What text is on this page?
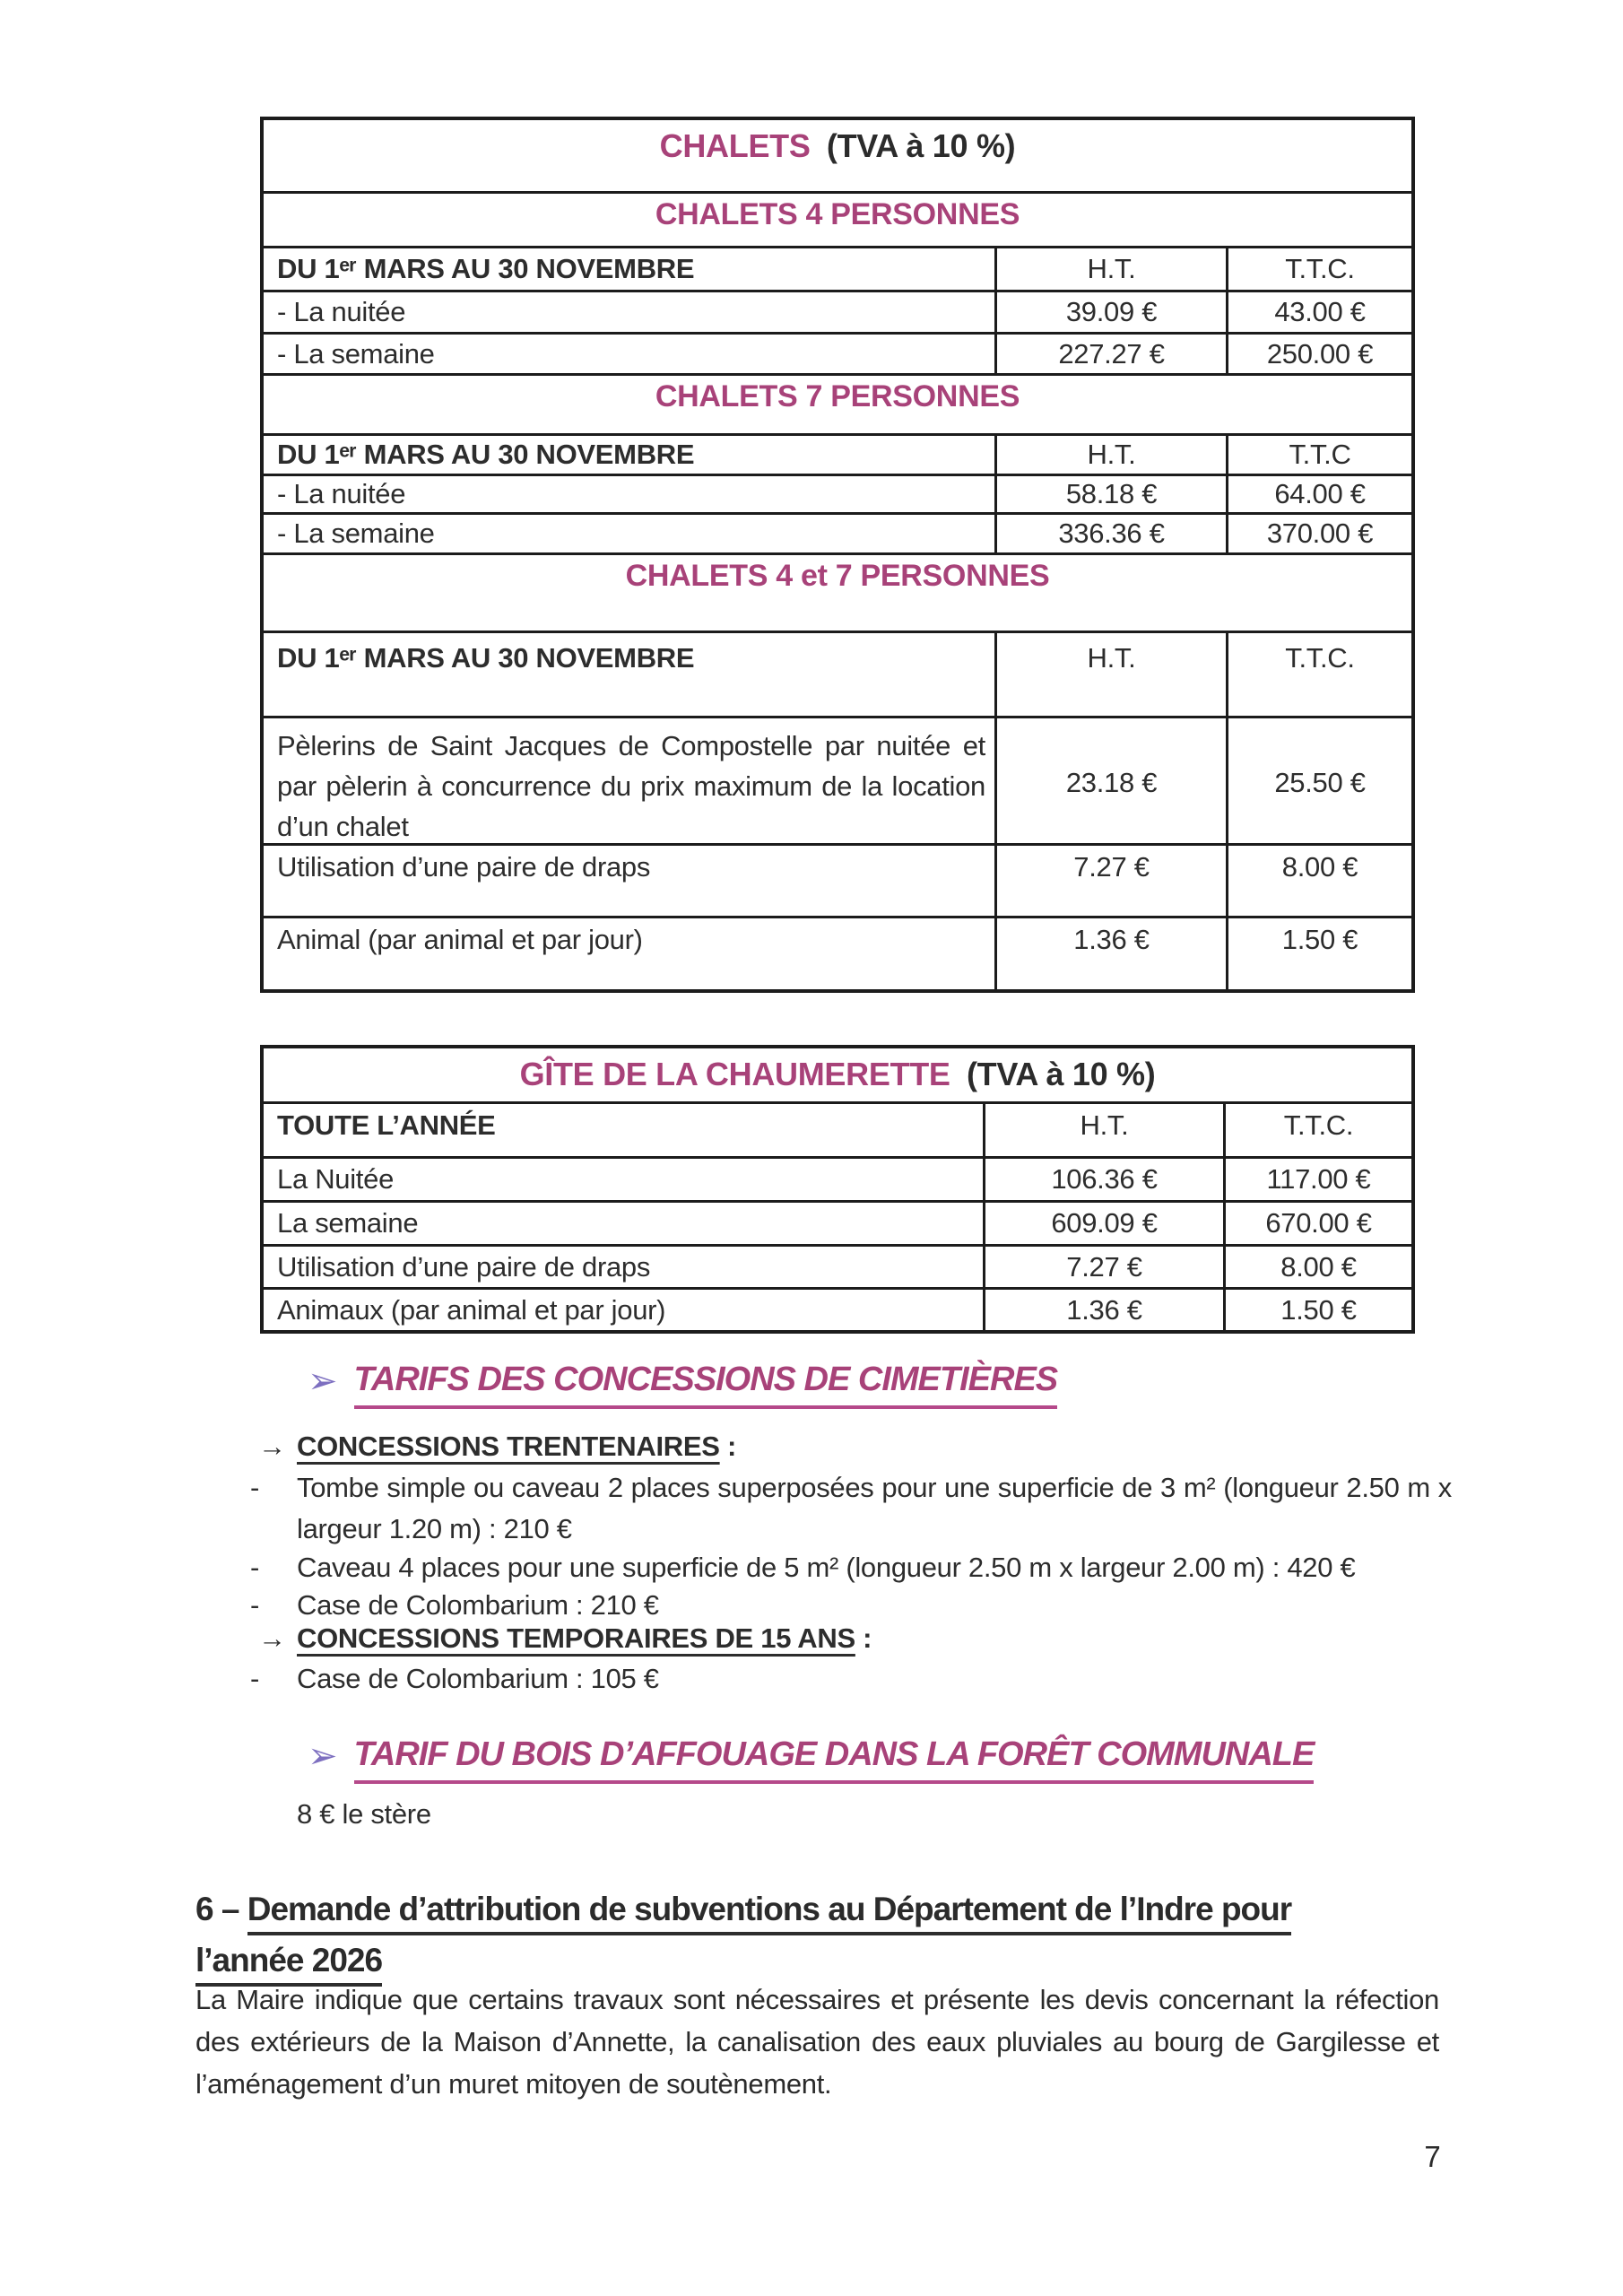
CHALETS (TVA à 10 %)
CHALETS 4 PERSONNES
DU 1ᵉʳ MARS AU 30 NOVEMBRE	H.T.	T.T.C.
- La nuitée	39.09 €	43.00 €
- La semaine	227.27 €	250.00 €
CHALETS 7 PERSONNES
DU 1ᵉʳ MARS AU 30 NOVEMBRE	H.T.	T.T.C
- La nuitée	58.18 €	64.00 €
- La semaine	336.36 €	370.00 €
CHALETS 4 et 7 PERSONNES
DU 1ᵉʳ MARS AU 30 NOVEMBRE	H.T.	T.T.C.
Pèlerins de Saint Jacques de Compostelle par nuitée et
par pèlerin à concurrence du prix maximum de la location
d’un chalet
23.18 €	25.50 €
Utilisation d’une paire de draps	7.27 €	8.00 €
Animal (par animal et par jour)	1.36 €	1.50 €
GÎTE DE LA CHAUMERETTE (TVA à 10 %)
TOUTE L’ANNÉE	H.T.	T.T.C.
La Nuitée	106.36 €	117.00 €
La semaine	609.09 €	670.00 €
Utilisation d’une paire de draps	7.27 €	8.00 €
Animaux (par animal et par jour)	1.36 €	1.50 €
➢ TARIFS DES CONCESSIONS DE CIMETIÈRES
→ CONCESSIONS TRENTENAIRES :
- Tombe simple ou caveau 2 places superposées pour une superficie de 3 m² (longueur 2.50 m x largeur 1.20 m) : 210 €
- Caveau 4 places pour une superficie de 5 m² (longueur 2.50 m x largeur 2.00 m) : 420 €
- Case de Colombarium : 210 €
→ CONCESSIONS TEMPORAIRES DE 15 ANS :
- Case de Colombarium : 105 €
➢ TARIF DU BOIS D’AFFOUAGE DANS LA FORÊT COMMUNALE
8 € le stère
6 – Demande d’attribution de subventions au Département de l’Indre pour
l’année 2026
La Maire indique que certains travaux sont nécessaires et présente les devis concernant la réfection des extérieurs de la Maison d’Annette, la canalisation des eaux pluviales au bourg de Gargilesse et l’aménagement d’un muret mitoyen de soutènement.
7
